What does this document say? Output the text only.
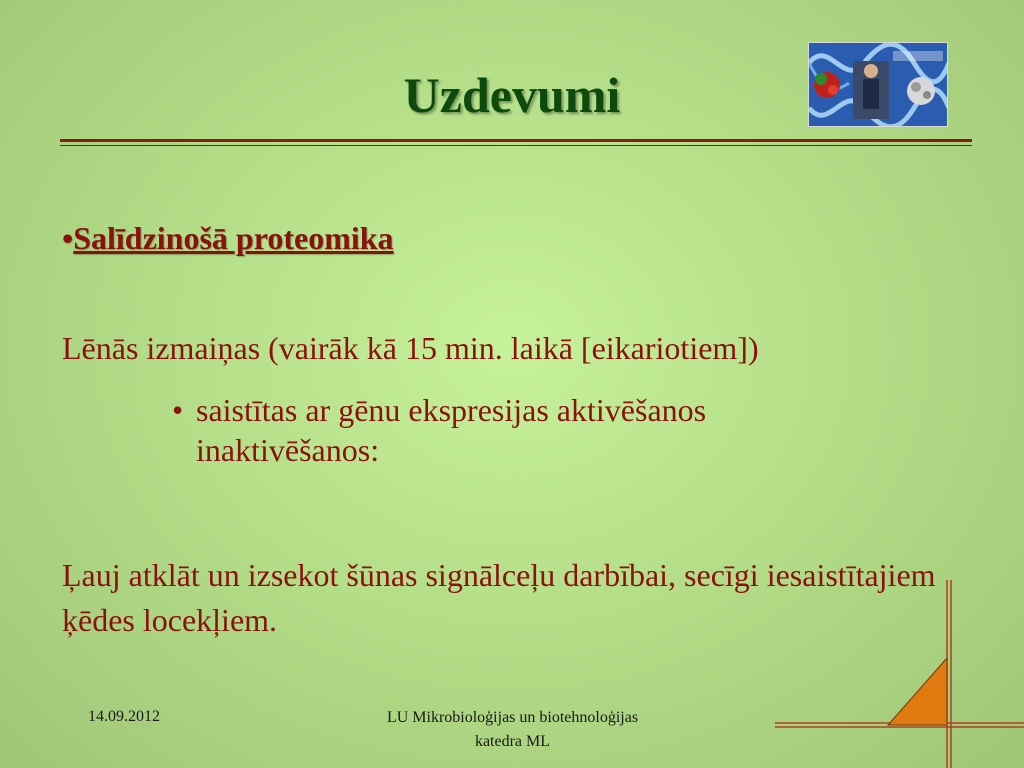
Uzdevumi
•Salīdzinošā proteomika
Lēnās izmaiņas (vairāk kā 15 min. laikā [eikariotiem])
• saistītas ar gēnu ekspresijas aktivēšanos inaktivēšanos:
Ļauj atklāt un izsekot šūnas signālceļu darbībai, secīgi iesaistītajiem ķēdes locekļiem.
14.09.2012	LU Mikrobioloģijas un biotehnoloģijas katedra ML
